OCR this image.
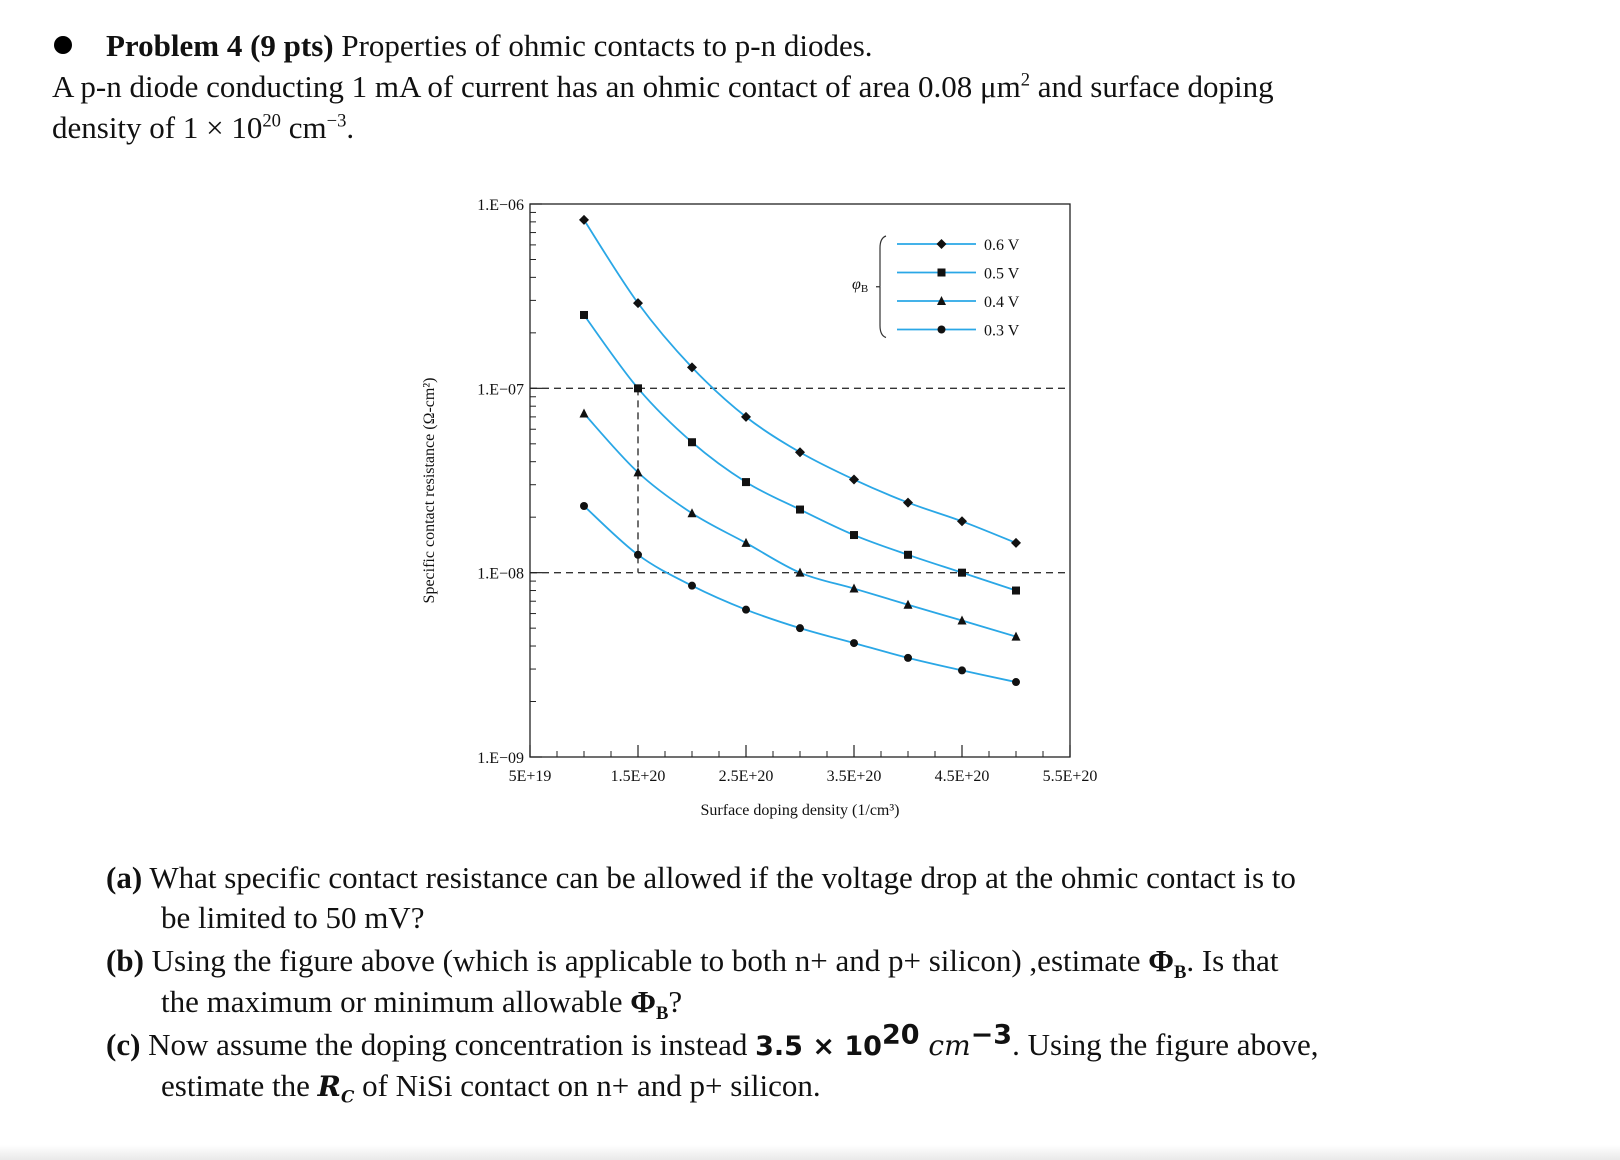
Problem 4 (9 pts) Properties of ohmic contacts to p-n diodes.
A p-n diode conducting 1 mA of current has an ohmic contact of area 0.08 $\mu m^2$ and surface doping
density of $1 \times 10^{20}$ $cm^{-3}$.
1.E−06
1.E−07
1.E−08
1.E−09
5E+19	1.5E+20	2.5E+20	3.5E+20	4.5E+20	5.5E+20
Surface doping density (1/cm³)
Specific contact resistance (Ω-cm²)
φB
0.6 V
0.5 V
0.4 V
0.3 V
(a) What specific contact resistance can be allowed if the voltage drop at the ohmic contact is to
be limited to 50 mV?
(b) Using the figure above (which is applicable to both n+ and p+ silicon) ,estimate $\Phi_B$. Is that
the maximum or minimum allowable $\Phi_B$?
(c) Now assume the doping concentration is instead $3.5 \times 10^{20}$ $cm^{-3}$. Using the figure above,
estimate the $R_C$ of NiSi contact on n+ and p+ silicon.
